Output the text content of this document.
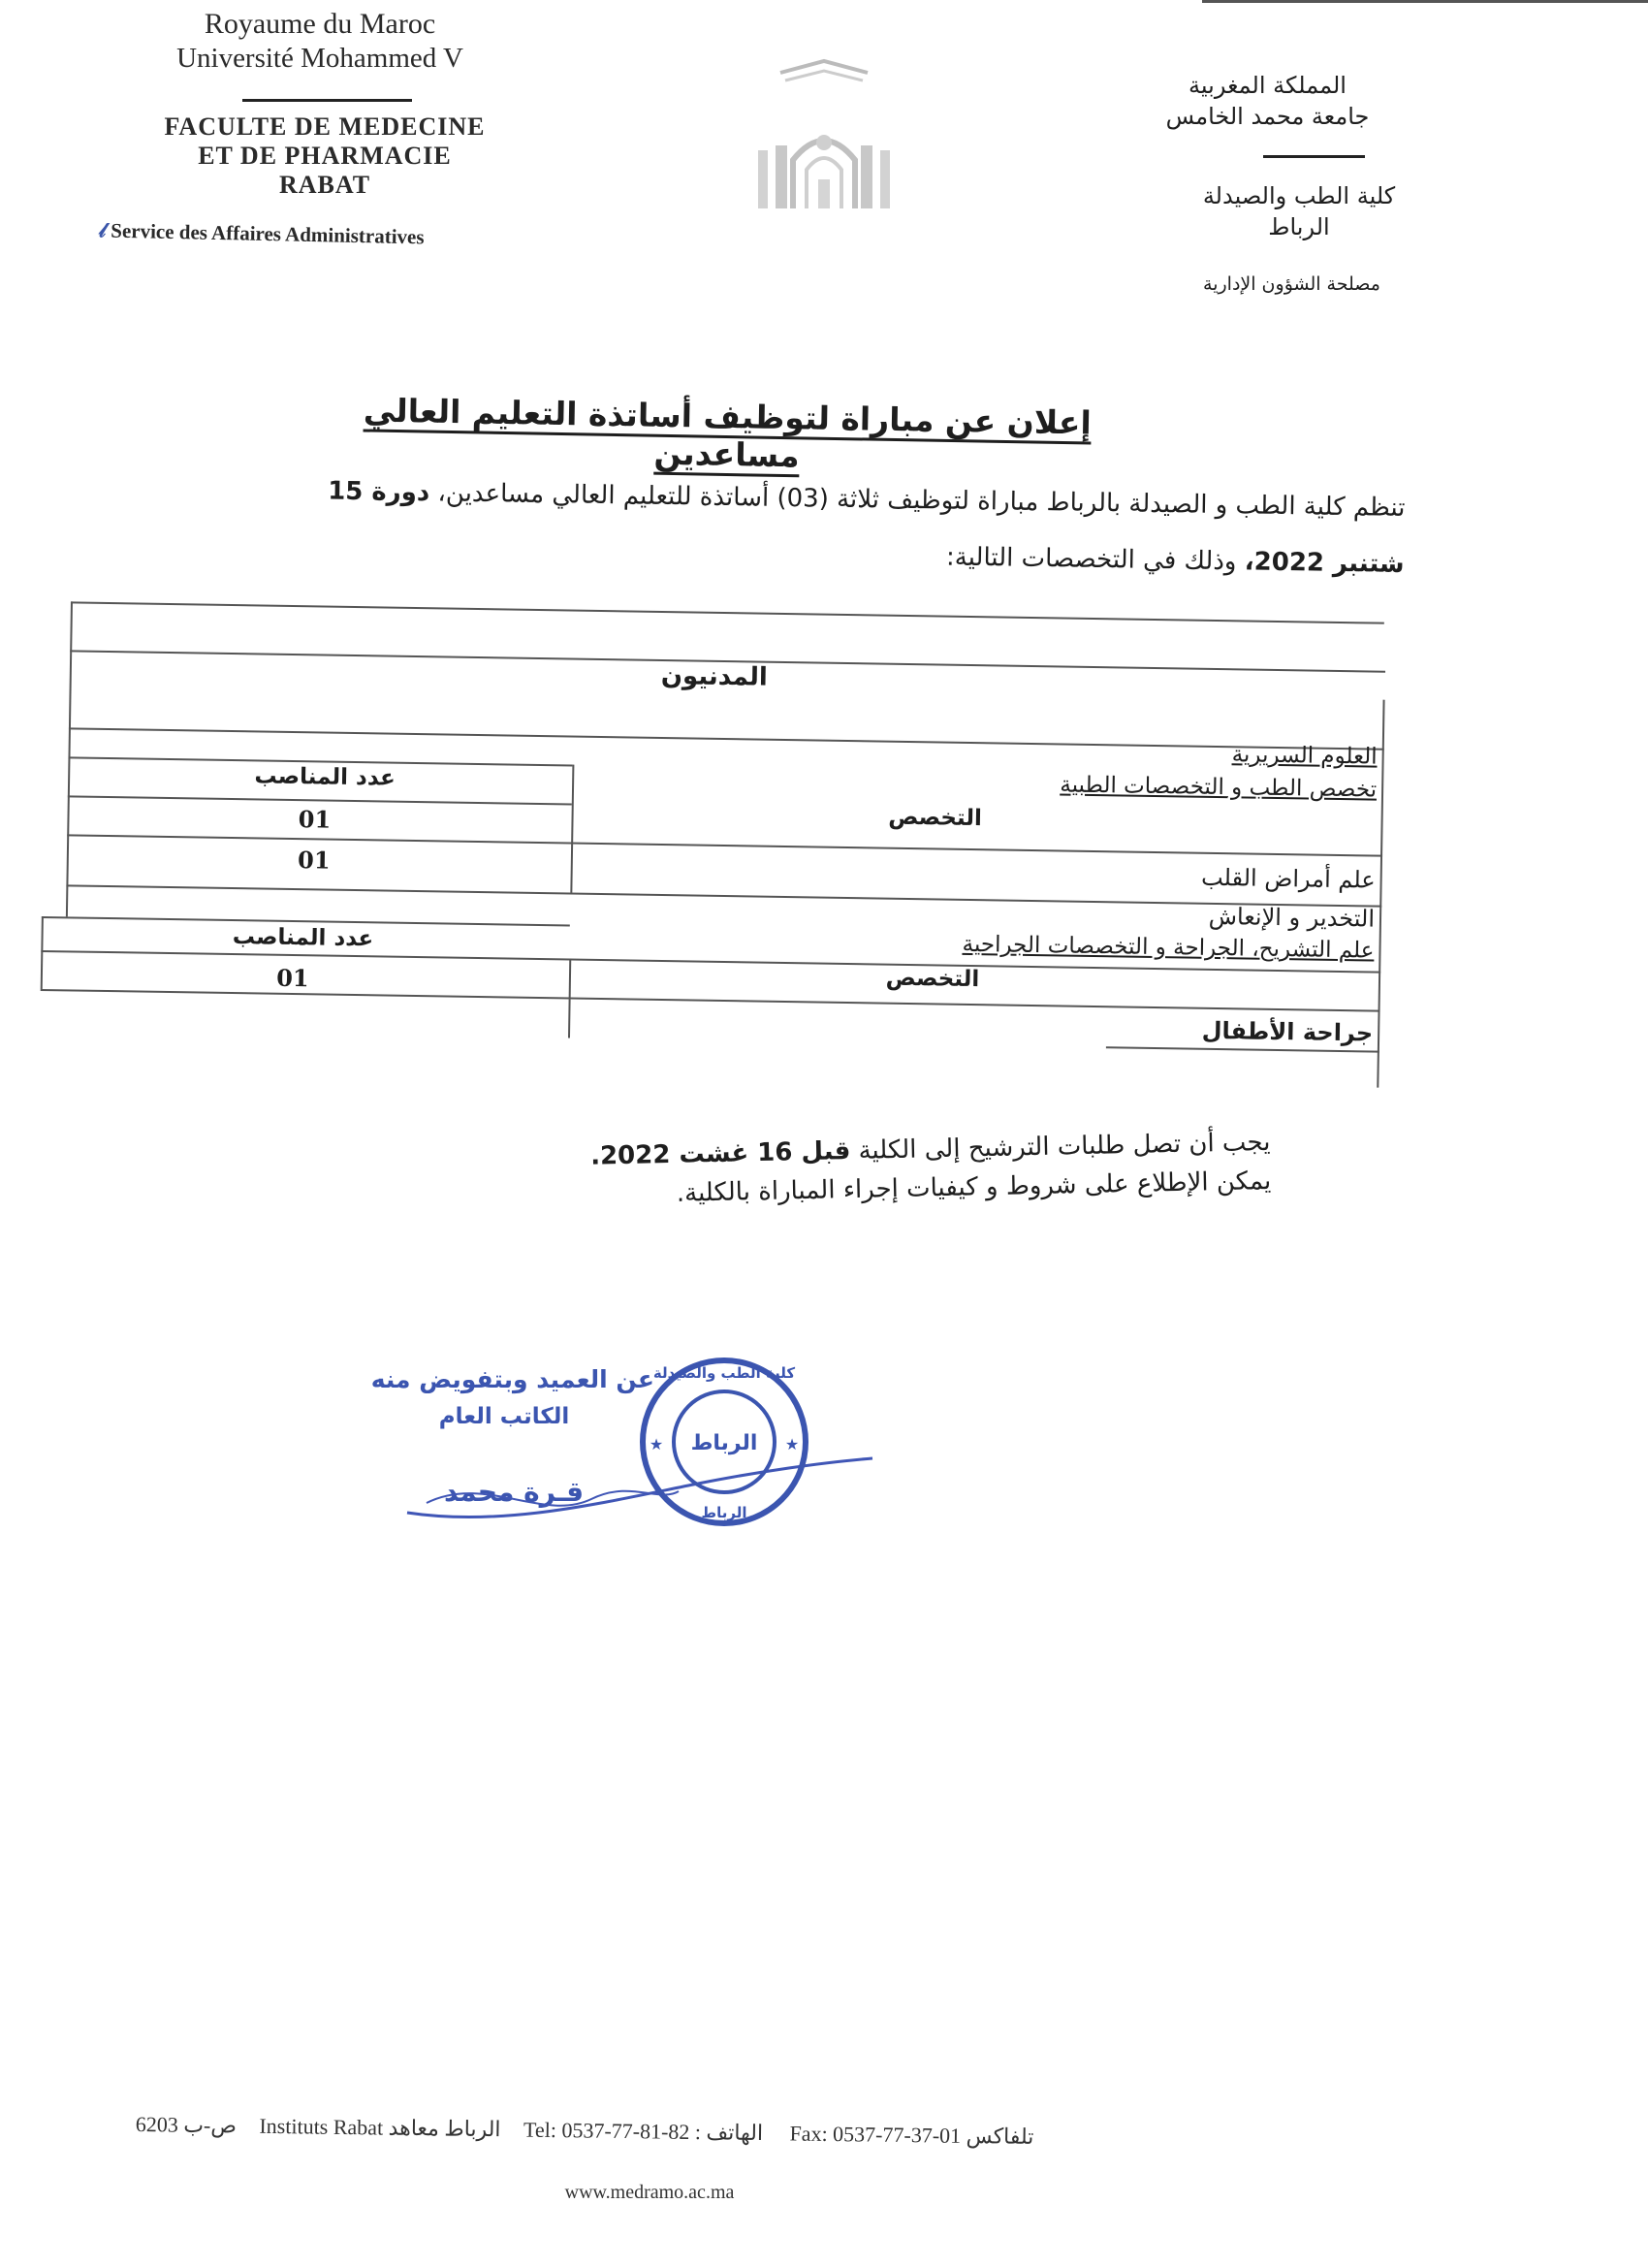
Royaume du Maroc
Université Mohammed V
FACULTE DE MEDECINE
ET DE PHARMACIE
RABAT
𝓁 Service des Affaires Administratives
المملكة المغربية
جامعة محمد الخامس
كلية الطب والصيدلة
الرباط
مصلحة الشؤون الإدارية
إعلان عن مباراة لتوظيف أساتذة التعليم العالي مساعدين
تنظم كلية الطب و الصيدلة بالرباط مباراة لتوظيف ثلاثة (03) أساتذة للتعليم العالي مساعدين، دورة 15
شتنبر 2022، وذلك في التخصصات التالية:
المدنيون
العلوم السريرية
تخصص الطب و التخصصات الطبية
عدد المناصب
التخصص
01
01
علم أمراض القلب
التخدير و الإنعاش
علم التشريح، الجراحة و التخصصات الجراحية
عدد المناصب
التخصص
01
جراحة الأطفال
يجب أن تصل طلبات الترشيح إلى الكلية قبل 16 غشت 2022.
يمكن الإطلاع على شروط و كيفيات إجراء المباراة بالكلية.
عن العميد وبتفويض منه
الكاتب العام
قـرة محمد
الرباط
كلية الطب والصيدلة
الرباط
★	★
6203 ص-ب Instituts Rabat الرباط معاهد Tel: 0537-77-81-82 : الهاتف Fax: 0537-77-37-01 تلفاكس
www.medramo.ac.ma
